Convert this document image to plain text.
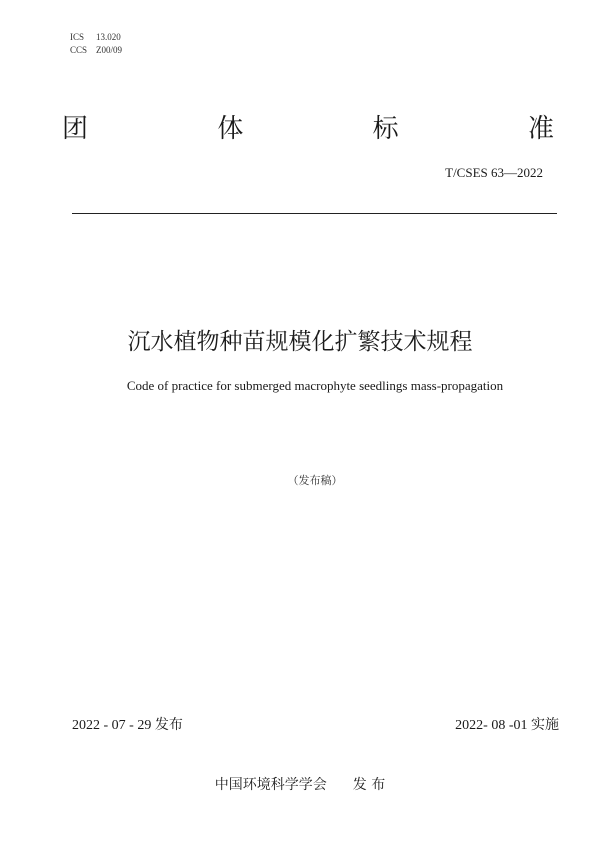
ICS	13.020
CCS Z00/09
团	体	标	准
T/CSES 63—2022
沉水植物种苗规模化扩繁技术规程
Code of practice for submerged macrophyte seedlings mass-propagation
（发布稿）
2022 - 07 - 29 发布	2022- 08 -01 实施
中国环境科学学会 发 布
